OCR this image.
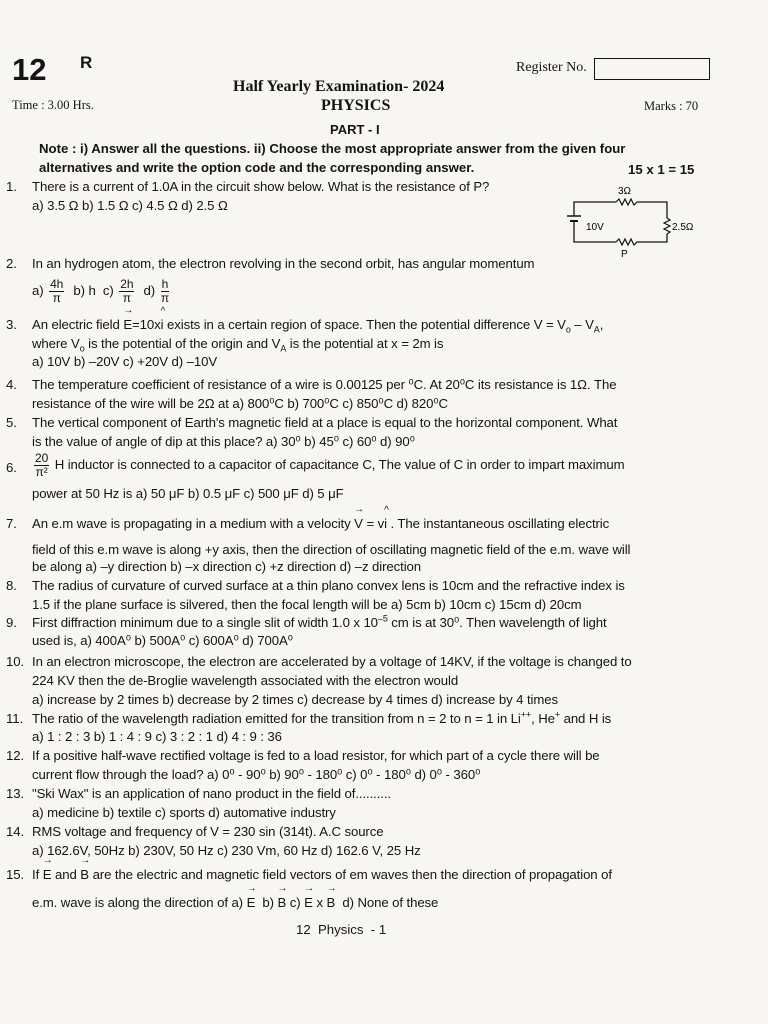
12 R	Register No.
Half Yearly Examination- 2024
Time : 3.00 Hrs.	PHYSICS	Marks : 70
PART - I
Note : i) Answer all the questions. ii) Choose the most appropriate answer from the given four
alternatives and write the option code and the corresponding answer.	15 x 1 = 15
3Ω
10V	2.5Ω
P
1.	There is a current of 1.0A in the circuit show below. What is the resistance of P?
a) 3.5 Ω b) 1.5 Ω c) 4.5 Ω d) 2.5 Ω
2.	In an hydrogen atom, the electron revolving in the second orbit, has angular momentum
$a) \frac{4h}{\pi} b$) h $c) \frac{2h}{\pi} d) \frac{h}{\pi}$
3.	An electric field → E=10x^ i exists in a certain region of space. Then the potential difference $V = V_o - V_A$,
where $V_o$ is the potential of the origin and $V_A$ is the potential at x = 2m is
a) 10V b) –20V c) +20V d) –10V
4.	The temperature coefficient of resistance of a wire is 0.00125 per ⁰C. At 20⁰C its resistance is 1Ω. The
resistance of the wire will be 2Ω at a) 800⁰C b) 700⁰C c) 850⁰C d) 820⁰C
5.	The vertical component of Earth's magnetic field at a place is equal to the horizontal component. What
is the value of angle of dip at this place? a) 30⁰ b) 45⁰ c) 60⁰ d) 90⁰
6.	$\frac{20}{\text{π²}}$ H inductor is connected to a capacitor of capacitance C, The value of C in order to impart maximum
power at 50 Hz is a) 50 μF b) 0.5 μF c) 500 μF d) 5 μF
7.	An e.m wave is propagating in a medium with a velocity → V = v^ i . The instantaneous oscillating electric
field of this e.m wave is along +y axis, then the direction of oscillating magnetic field of the e.m. wave will
be along a) –y direction b) –x direction c) +z direction d) –z direction
8.	The radius of curvature of curved surface at a thin plano convex lens is 10cm and the refractive index is
1.5 if the plane surface is silvered, then the focal length will be a) 5cm b) 10cm c) 15cm d) 20cm
9.	First diffraction minimum due to a single slit of width 1.0 x $10^{-5}$ cm is at 30⁰. Then wavelength of light
used is, a) 400A⁰ b) 500A⁰ c) 600A⁰ d) 700A⁰
10. In an electron microscope, the electron are accelerated by a voltage of 14KV, if the voltage is changed to
224 KV then the de-Broglie wavelength associated with the electron would
a) increase by 2 times b) decrease by 2 times c) decrease by 4 times d) increase by 4 times
11. The ratio of the wavelength radiation emitted for the transition from n = 2 to n = 1 in Li++, He+ and H is
a) 1 : 2 : 3 b) 1 : 4 : 9 c) 3 : 2 : 1 d) 4 : 9 : 36
12. If a positive half-wave rectified voltage is fed to a load resistor, for which part of a cycle there will be
current flow through the load? a) 0⁰ - 90⁰ b) 90⁰ - 180⁰ c) 0⁰ - 180⁰ d) 0⁰ - 360⁰
13. "Ski Wax" is an application of nano product in the field of..........
a) medicine b) textile c) sports d) automative industry
14. RMS voltage and frequency of V = 230 sin (314t). A.C source
a) 162.6V, 50Hz b) 230V, 50 Hz c) 230 Vm, 60 Hz d) 162.6 V, 25 Hz
15. If → E and → B are the electric and magnetic field vectors of em waves then the direction of propagation of
e.m. wave is along the direction of a) → E b) → B c) → E x → B d) None of these
12  Physics  - 1
